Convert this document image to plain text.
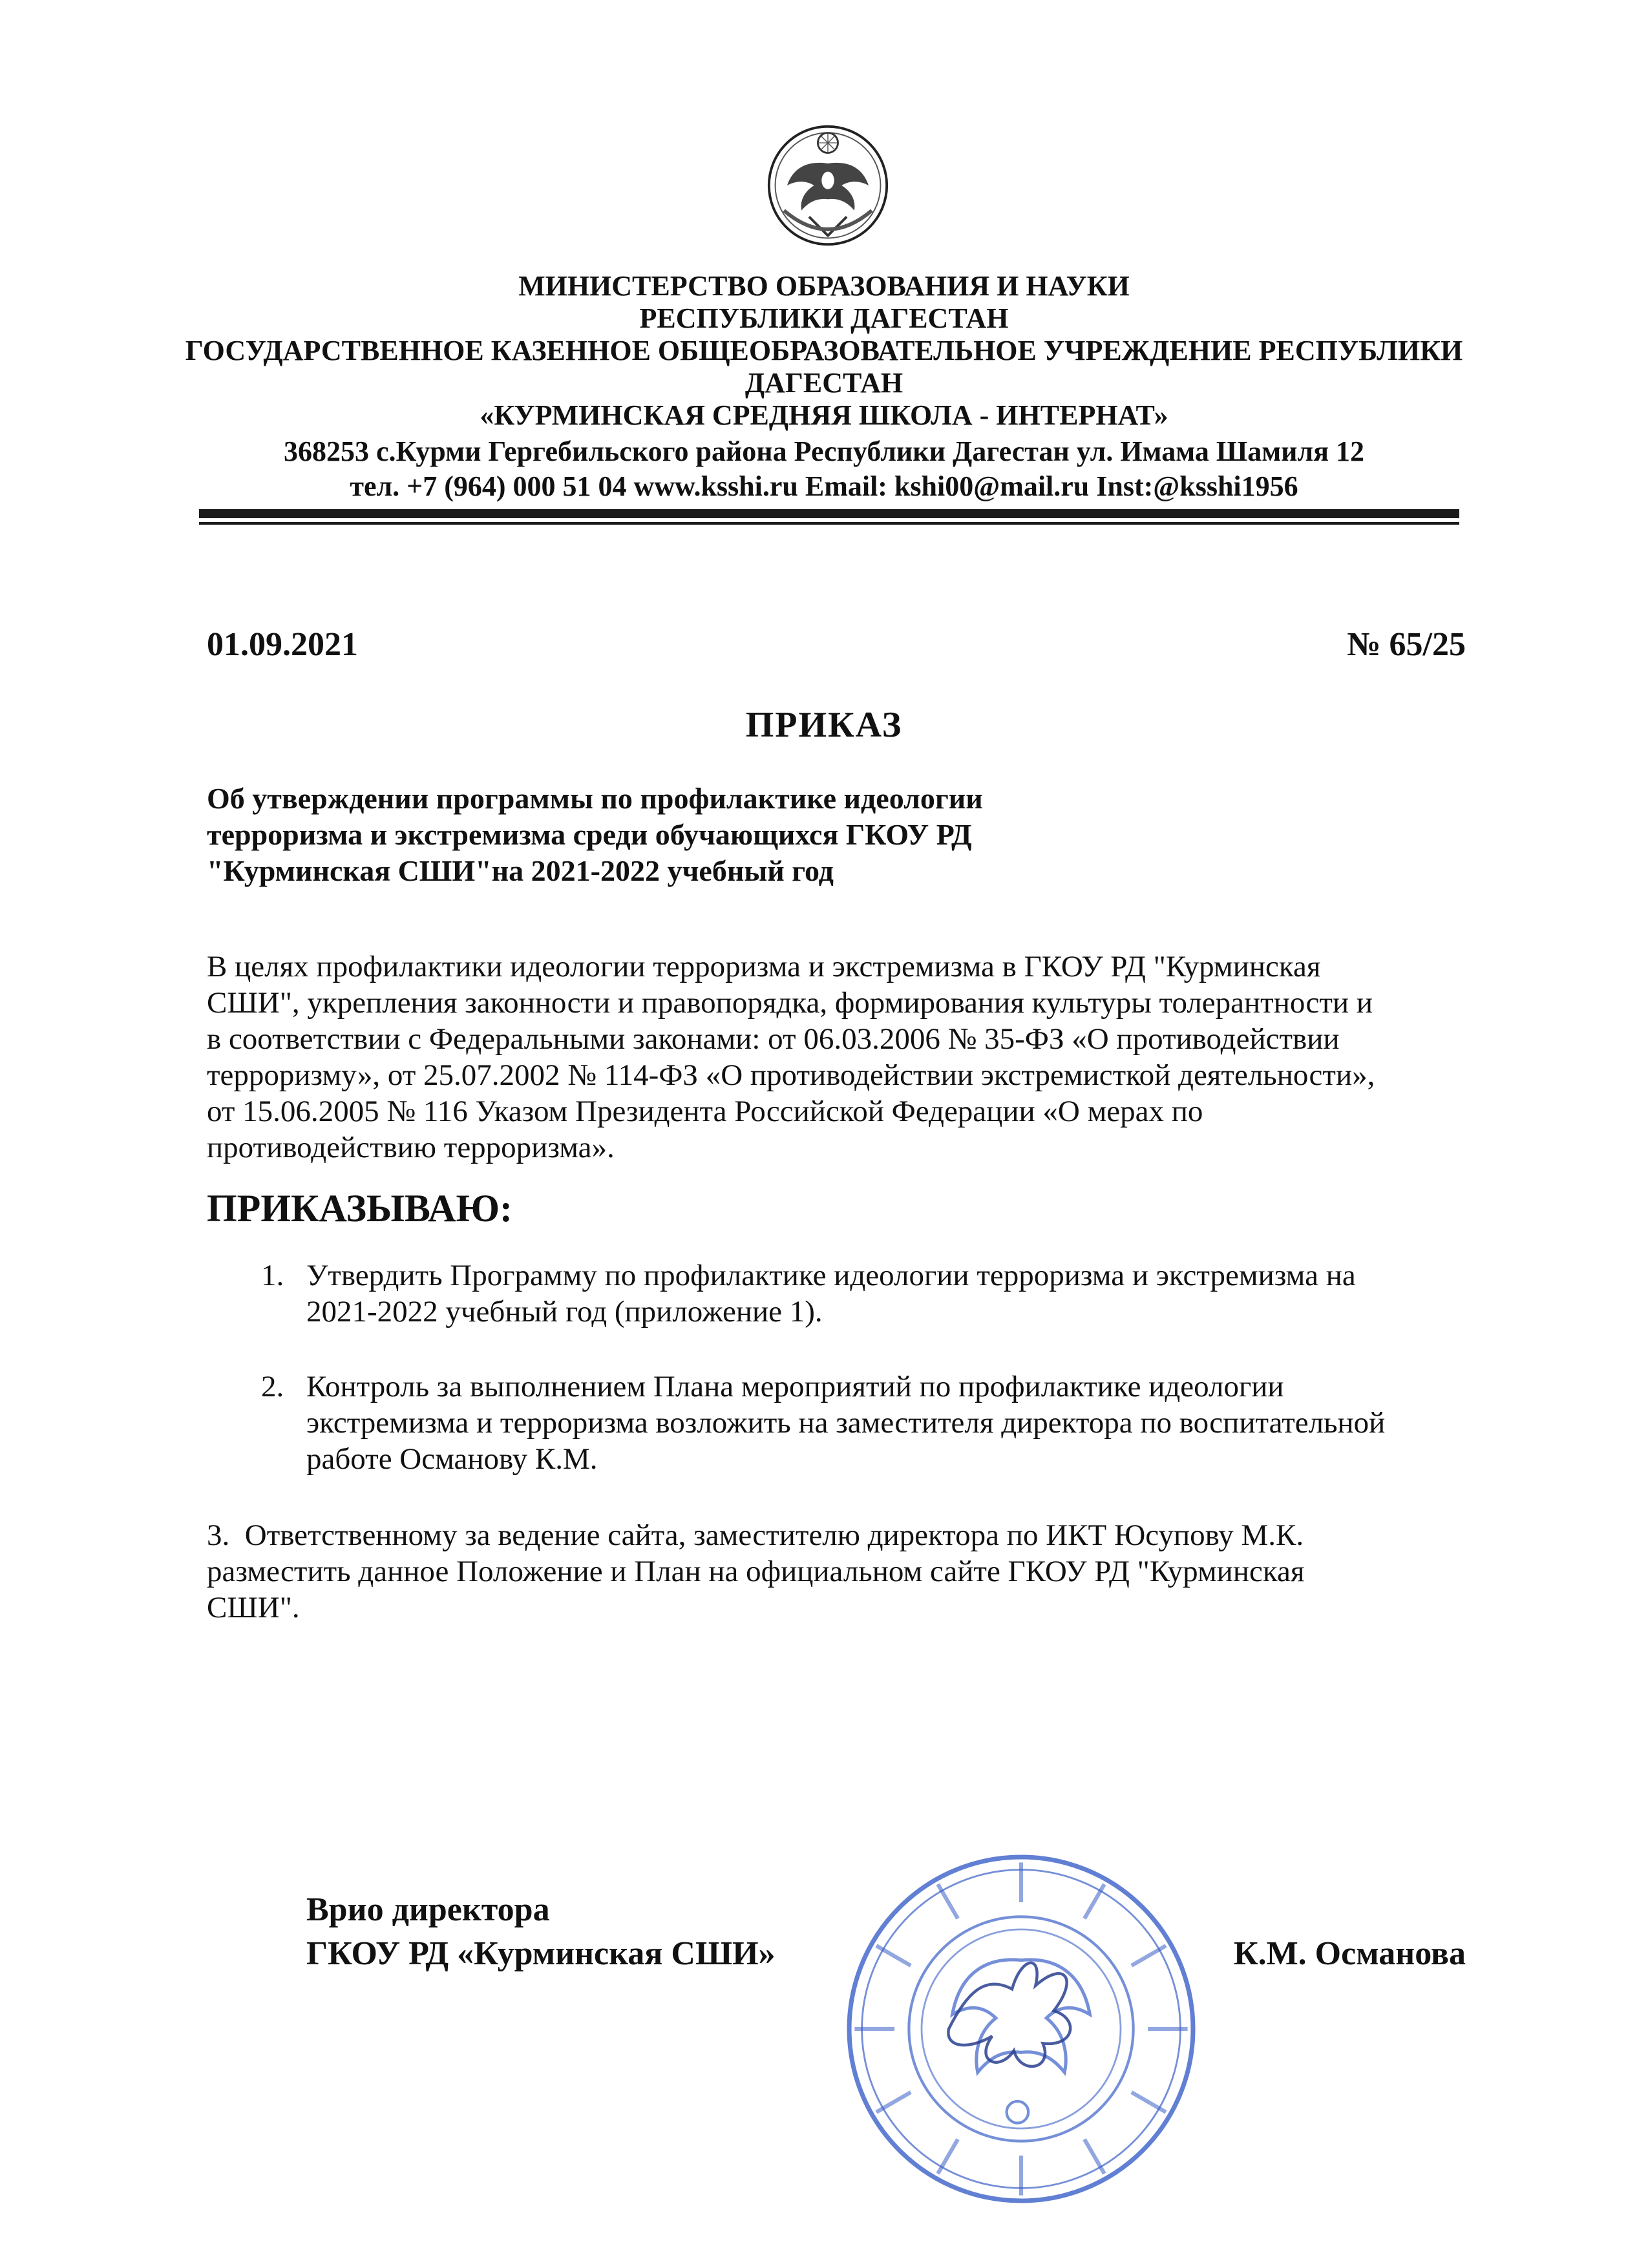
МИНИСТЕРСТВО ОБРАЗОВАНИЯ И НАУКИ
РЕСПУБЛИКИ ДАГЕСТАН
ГОСУДАРСТВЕННОЕ КАЗЕННОЕ ОБЩЕОБРАЗОВАТЕЛЬНОЕ УЧРЕЖДЕНИЕ РЕСПУБЛИКИ
ДАГЕСТАН
«КУРМИНСКАЯ СРЕДНЯЯ ШКОЛА - ИНТЕРНАТ»
368253 с.Курми Гергебильского района Республики Дагестан ул. Имама Шамиля 12
тел. +7 (964) 000 51 04 www.ksshi.ru Email: kshi00@mail.ru Inst:@ksshi1956
01.09.2021	№ 65/25
ПРИКАЗ
Об утверждении программы по профилактике идеологии
терроризма и экстремизма среди обучающихся ГКОУ РД
"Курминская СШИ"на 2021-2022 учебный год
В целях профилактики идеологии терроризма и экстремизма в ГКОУ РД "Курминская
СШИ", укрепления законности и правопорядка, формирования культуры толерантности и
в соответствии с Федеральными законами: от 06.03.2006 № 35-ФЗ «О противодействии
терроризму», от 25.07.2002 № 114-ФЗ «О противодействии экстремисткой деятельности»,
от 15.06.2005 № 116 Указом Президента Российской Федерации «О мерах по
противодействию терроризма».
ПРИКАЗЫВАЮ:
1. Утвердить Программу по профилактике идеологии терроризма и экстремизма на
2021-2022 учебный год (приложение 1).
2. Контроль за выполнением Плана мероприятий по профилактике идеологии
экстремизма и терроризма возложить на заместителя директора по воспитательной
работе Османову К.М.
3. Ответственному за ведение сайта, заместителю директора по ИКТ Юсупову М.К.
разместить данное Положение и План на официальном сайте ГКОУ РД "Курминская
СШИ".
Врио директора
ГКОУ РД «Курминская СШИ»	К.М. Османова
